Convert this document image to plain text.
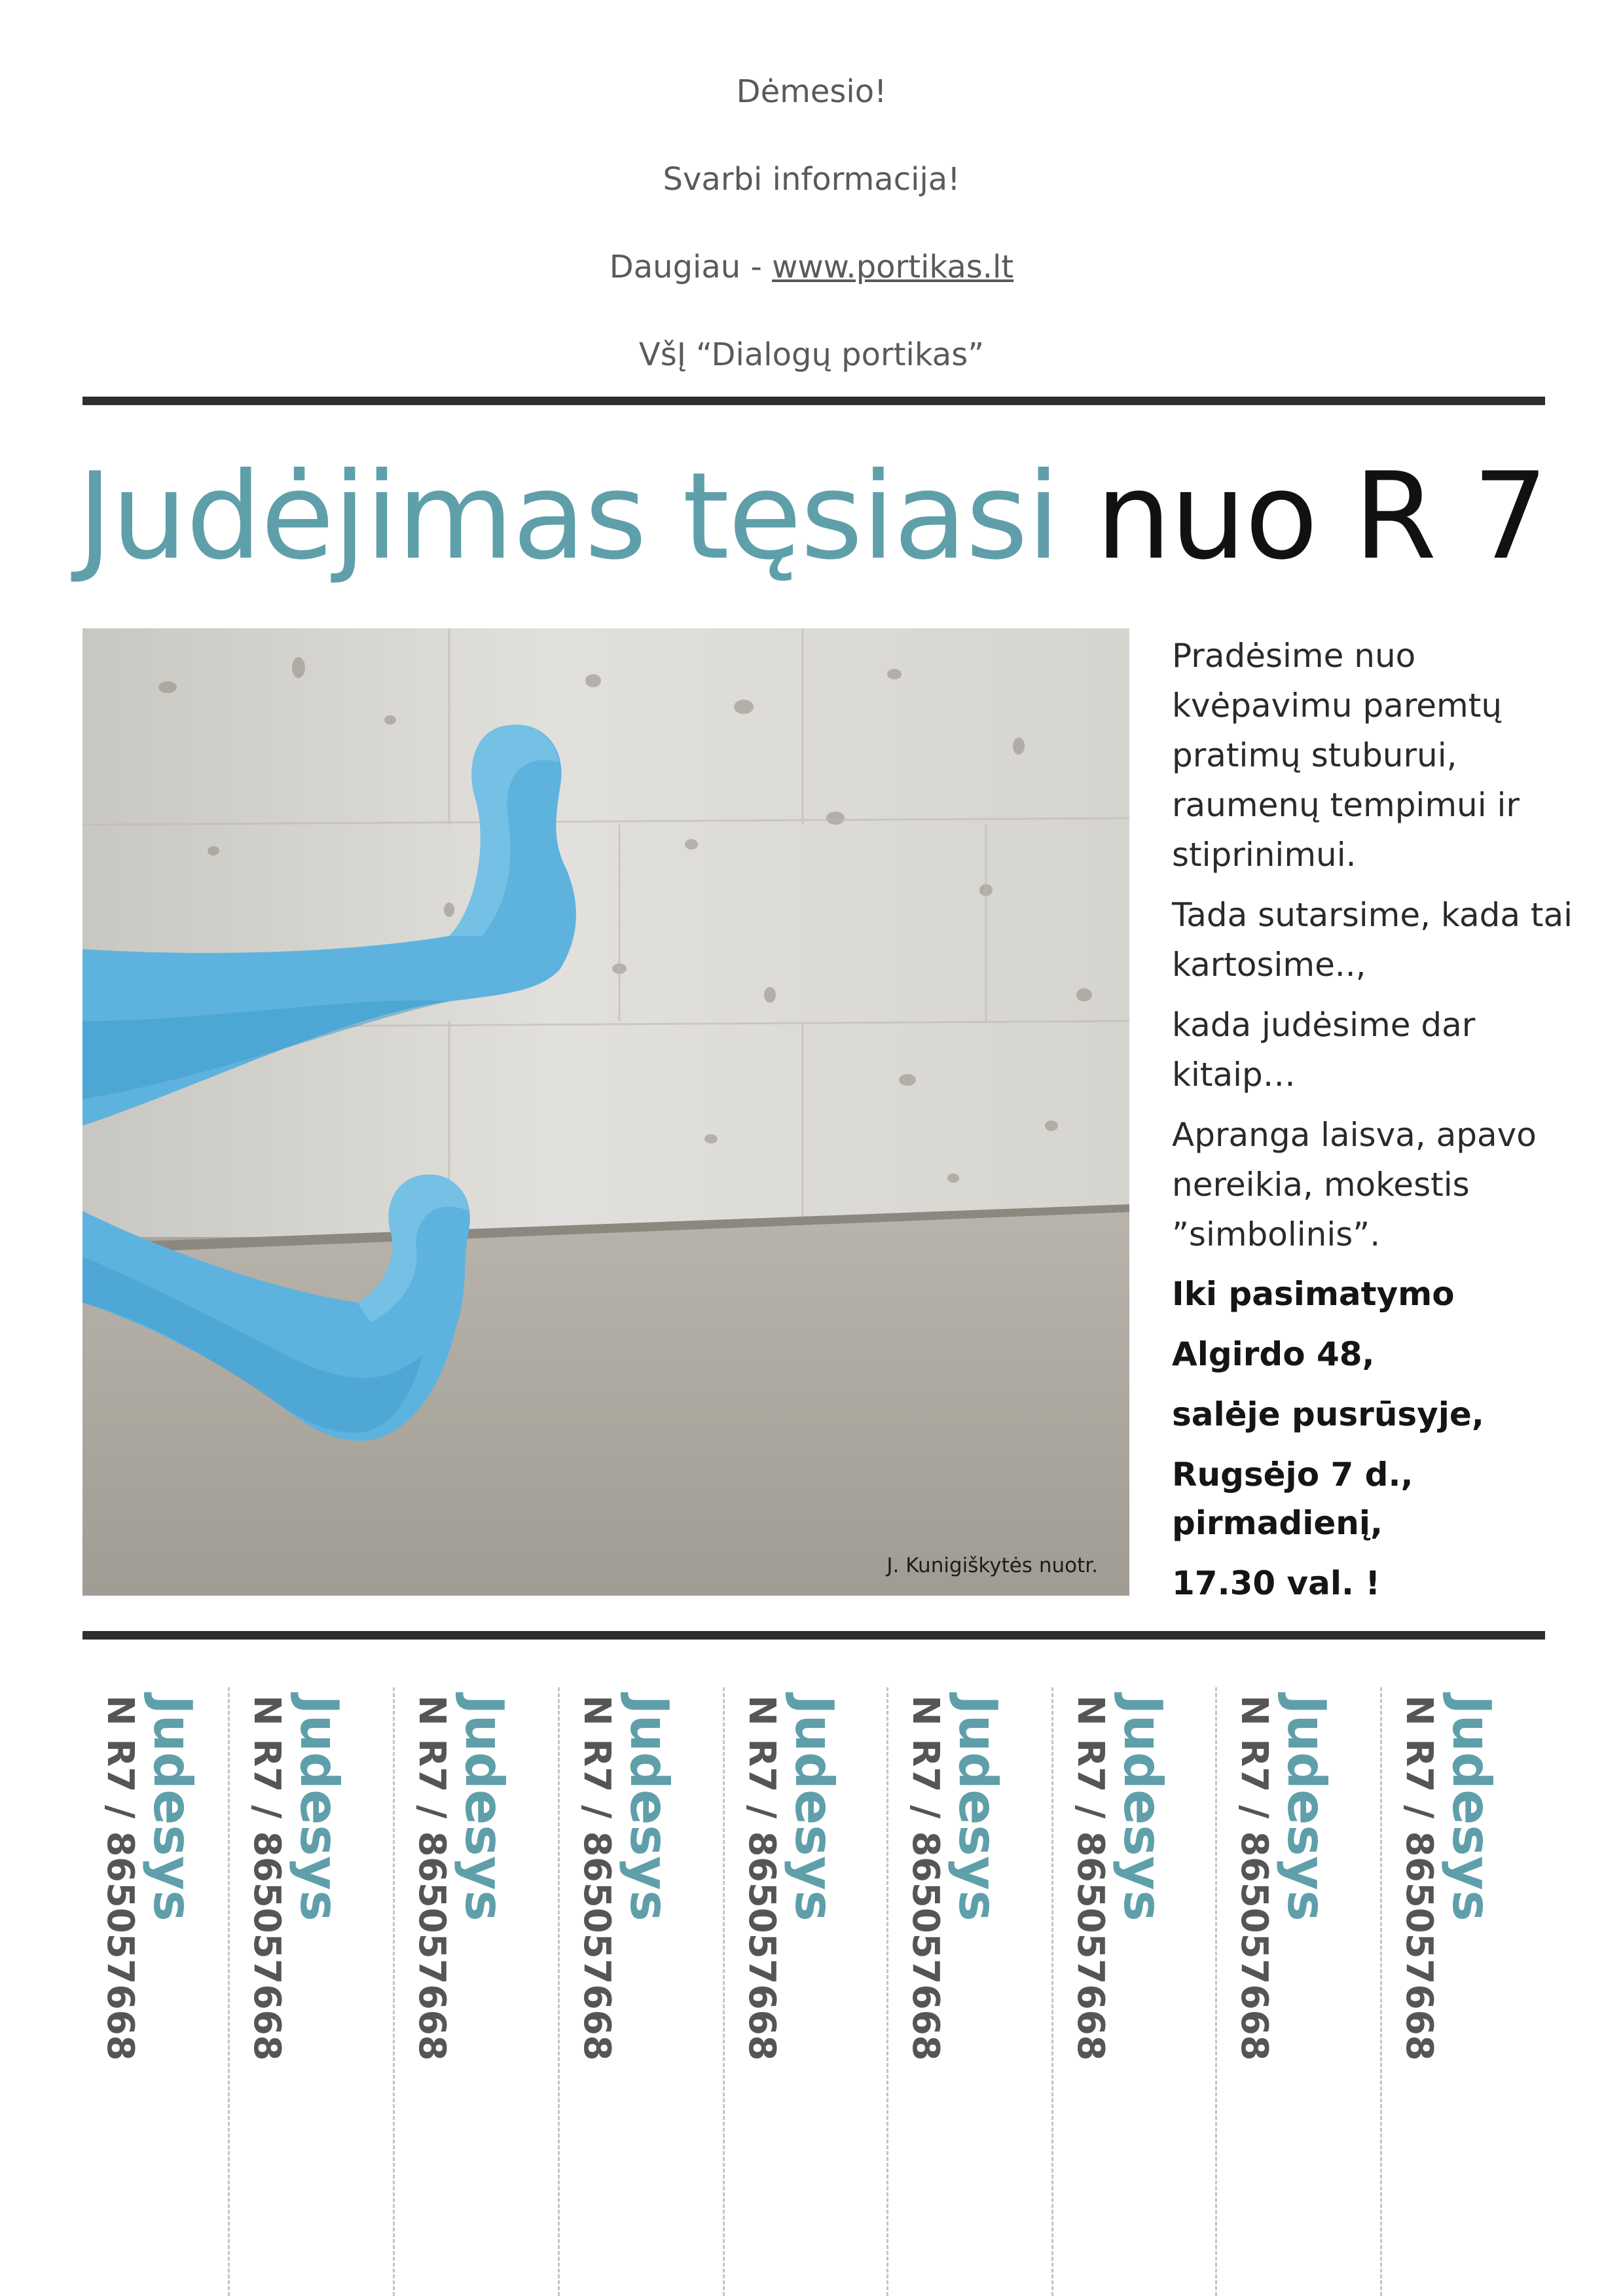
Dėmesio!
Svarbi informacija!
Daugiau - www.portikas.lt
VšĮ “Dialogų portikas”
Judėjimas tęsiasi nuo R 7
J. Kunigiškytės nuotr.

Pradėsime nuo kvėpavimu paremtų pratimų stuburui, raumenų tempimui ir stiprinimui.

Tada sutarsime, kada tai kartosime..,

kada judėsime dar kitaip…

Apranga laisva, apavo nereikia, mokestis ”simbolinis”.

Iki pasimatymo
Algirdo 48,
salėje pusrūsyje,
Rugsėjo 7 d., pirmadienį,
17.30 val. !
Judesys
N R7 / 865057668	Judesys
N R7 / 865057668	Judesys
N R7 / 865057668	Judesys
N R7 / 865057668	Judesys
N R7 / 865057668	Judesys
N R7 / 865057668	Judesys
N R7 / 865057668	Judesys
N R7 / 865057668	Judesys
N R7 / 865057668
